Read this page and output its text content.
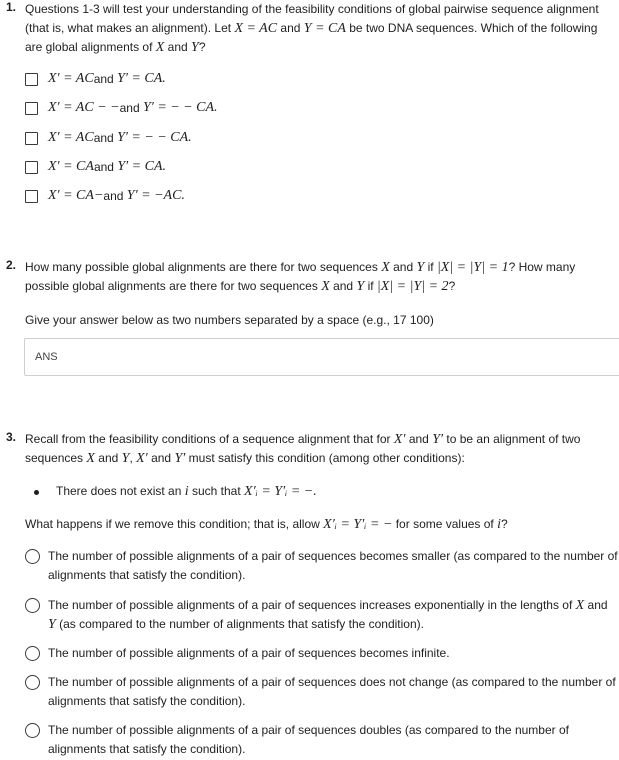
1. Questions 1-3 will test your understanding of the feasibility conditions of global pairwise sequence alignment
(that is, what makes an alignment). Let X = AC and Y = CA be two DNA sequences. Which of the following
are global alignments of X and Y?
X′ = AC and
Y′ = CA.
X′ = AC − − and
Y′ = − − CA.
X′ = AC and
Y′ = − − CA.
X′ = CA and
Y′ = CA.
X′ = CA− and
Y′ = −AC.
2. How many possible global alignments are there for two sequences X and Y if |X| = |Y| = 1? How many
possible global alignments are there for two sequences X and Y if |X| = |Y| = 2?
Give your answer below as two numbers separated by a space (e.g., 17 100)
ANS
3. Recall from the feasibility conditions of a sequence alignment that for X′ and Y′ to be an alignment of two
sequences X and Y, X′ and Y′ must satisfy this condition (among other conditions):
There does not exist an i such that X′ᵢ = Y′ᵢ = −.
What happens if we remove this condition; that is, allow X′ᵢ = Y′ᵢ = − for some values of i?
The number of possible alignments of a pair of sequences becomes smaller (as compared to the number of
alignments that satisfy the condition).
The number of possible alignments of a pair of sequences increases exponentially in the lengths of X and
Y (as compared to the number of alignments that satisfy the condition).
The number of possible alignments of a pair of sequences becomes infinite.
The number of possible alignments of a pair of sequences does not change (as compared to the number of
alignments that satisfy the condition).
The number of possible alignments of a pair of sequences doubles (as compared to the number of
alignments that satisfy the condition).
